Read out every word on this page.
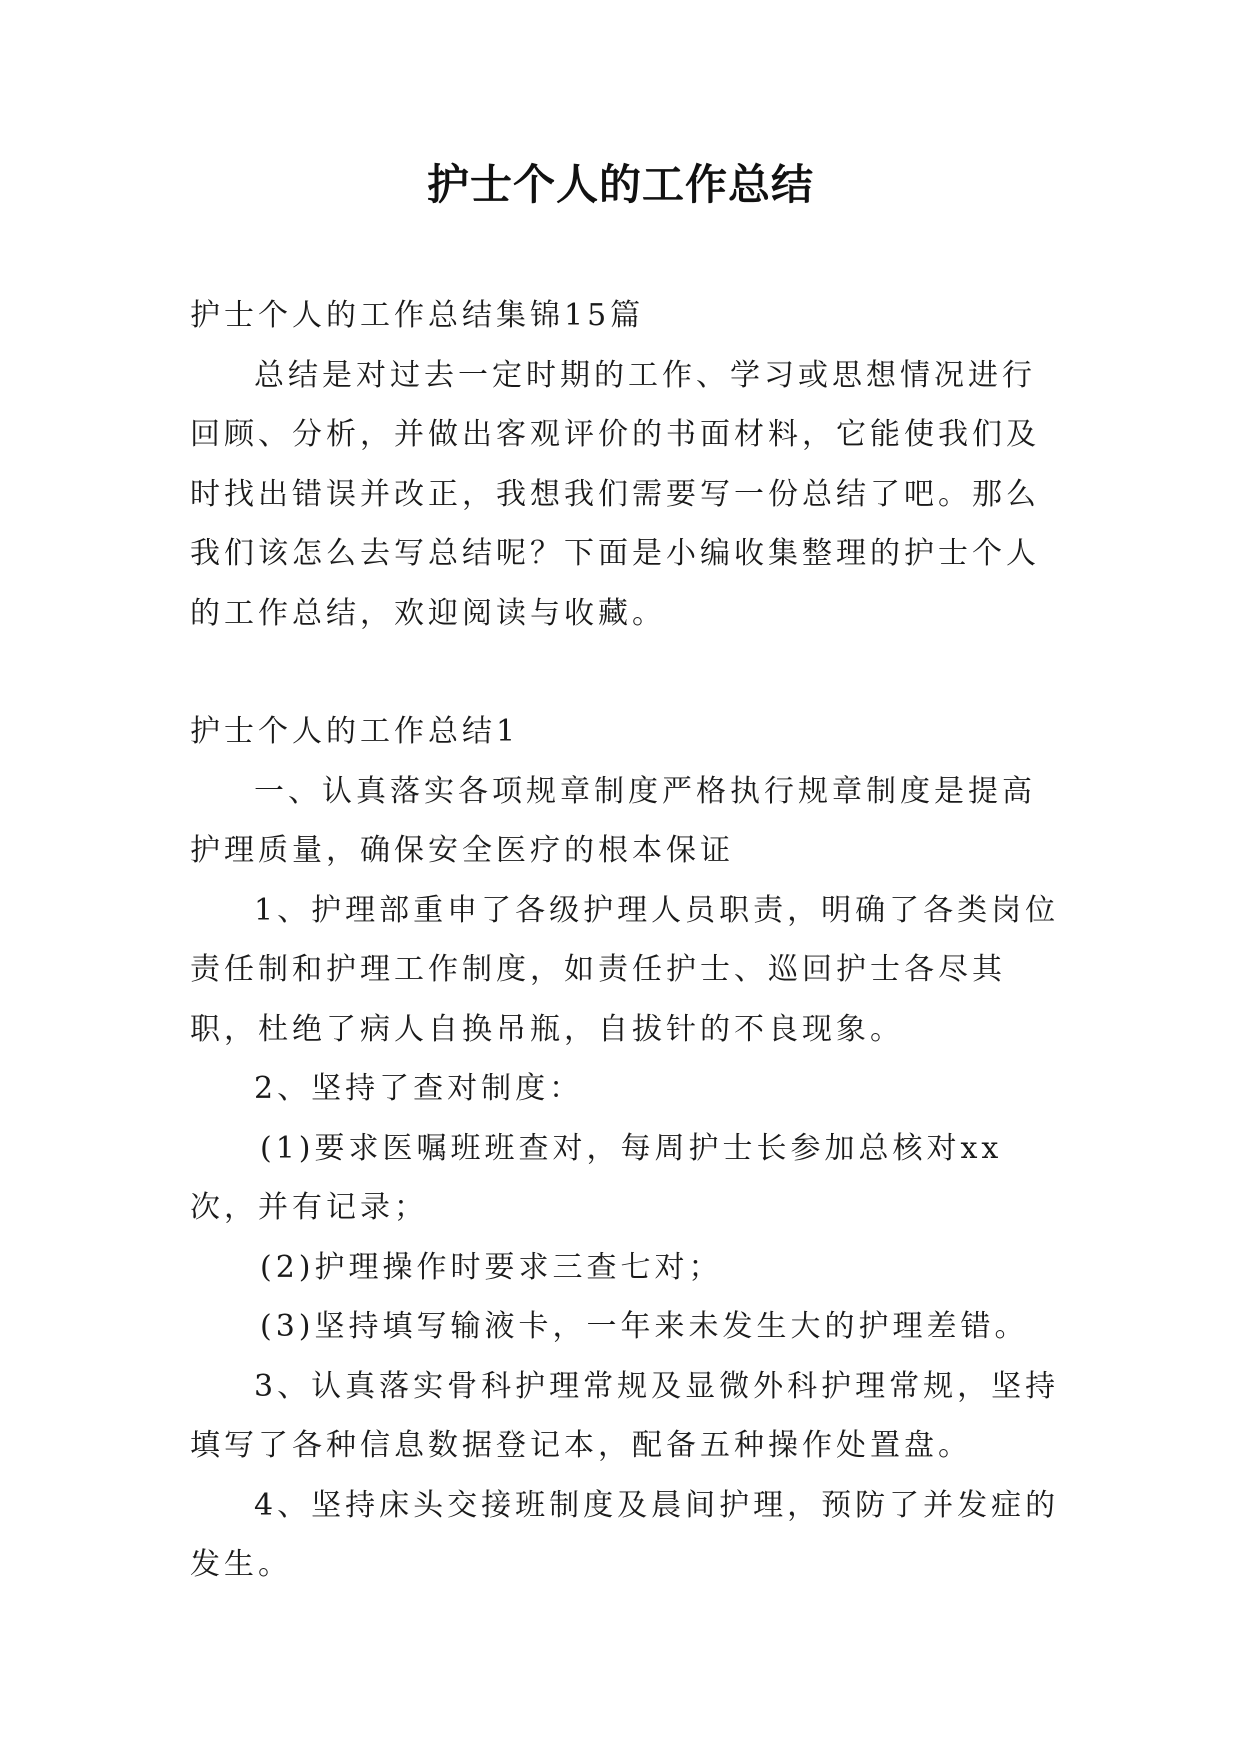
护士个人的工作总结

护士个人的工作总结集锦15篇

总结是对过去一定时期的工作、学习或思想情况进行回顾、分析，并做出客观评价的书面材料，它能使我们及时找出错误并改正，我想我们需要写一份总结了吧。那么我们该怎么去写总结呢？下面是小编收集整理的护士个人的工作总结，欢迎阅读与收藏。

护士个人的工作总结1

一、认真落实各项规章制度严格执行规章制度是提高护理质量，确保安全医疗的根本保证

1、护理部重申了各级护理人员职责，明确了各类岗位责任制和护理工作制度，如责任护士、巡回护士各尽其职，杜绝了病人自换吊瓶，自拔针的不良现象。

2、坚持了查对制度：

(1)要求医嘱班班查对，每周护士长参加总核对xx次，并有记录；

(2)护理操作时要求三查七对；

(3)坚持填写输液卡，一年来未发生大的护理差错。

3、认真落实骨科护理常规及显微外科护理常规，坚持填写了各种信息数据登记本，配备五种操作处置盘。

4、坚持床头交接班制度及晨间护理，预防了并发症的发生。
